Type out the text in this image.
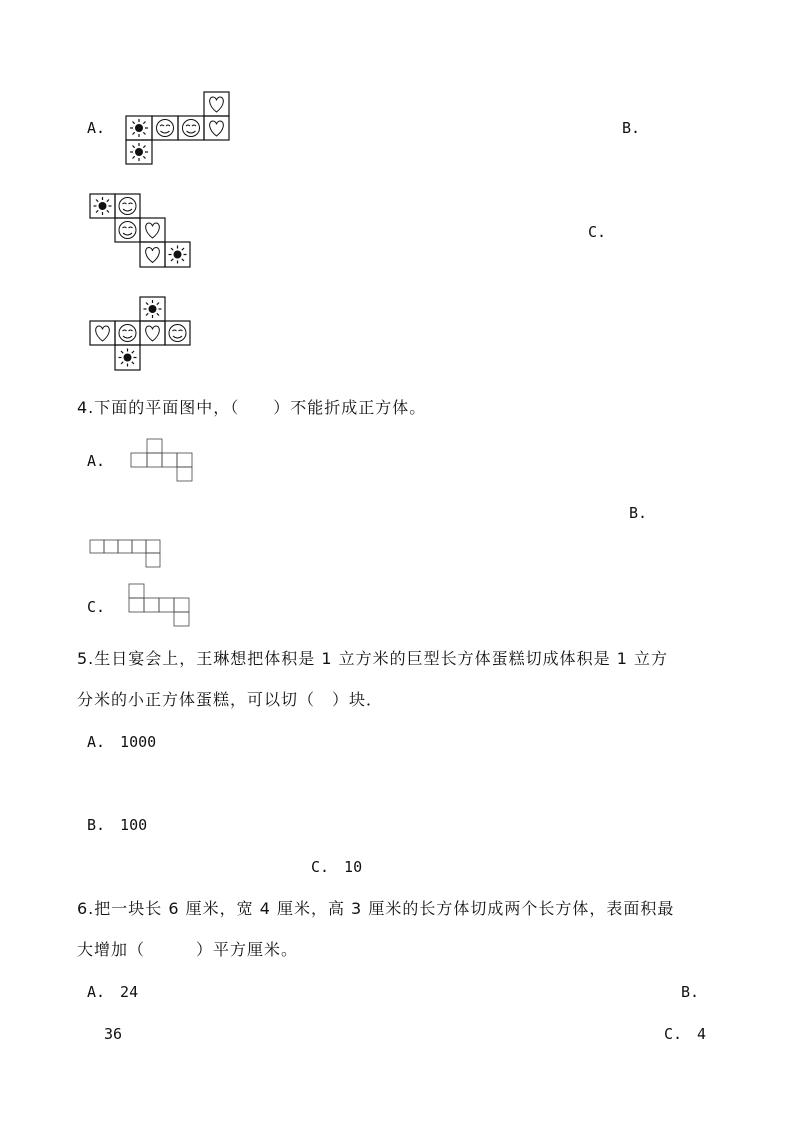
A.	B.
C.
4.下面的平面图中，（　　）不能折成正方体。
A.
B.
C.
5.生日宴会上，王琳想把体积是 1 立方米的巨型长方体蛋糕切成体积是 1 立方
分米的小正方体蛋糕，可以切（　）块．
A.　1000
B.　100
C.　10
6.把一块长 6 厘米，宽 4 厘米，高 3 厘米的长方体切成两个长方体，表面积最
大增加（　　　）平方厘米。
A.　24	B.
36	C.　4
